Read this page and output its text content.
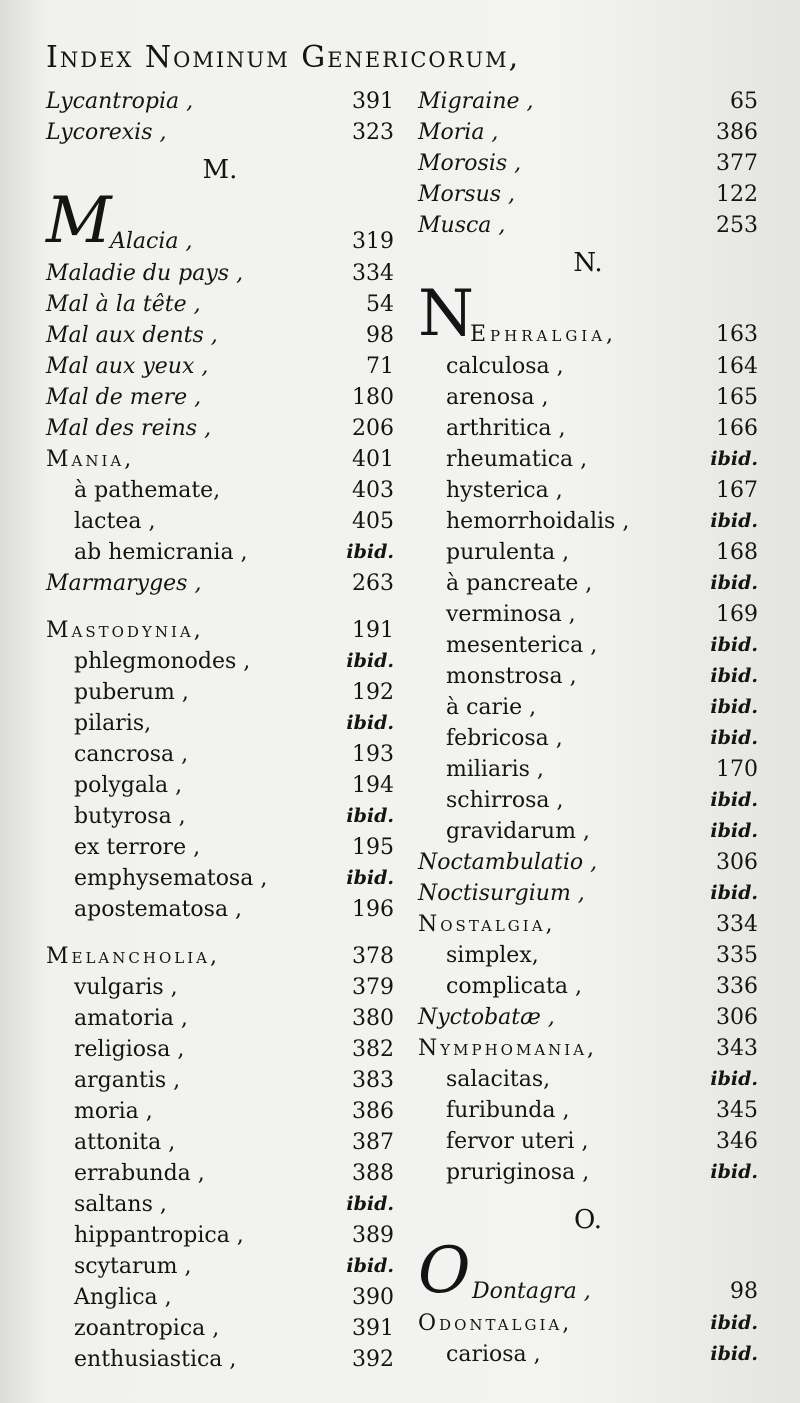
Index Nominum Genericorum,
Lycantropia ,	391
Lycorexis ,	323
M.
M
Alacia ,	319
Maladie du pays ,	334
Mal à la tête ,	54
Mal aux dents ,	98
Mal aux yeux ,	71
Mal de mere ,	180
Mal des reins ,	206
Mania,	401
à pathemate,	403
lactea ,	405
ab hemicrania ,	ibid.
Marmaryges ,	263
Mastodynia,	191
phlegmonodes ,	ibid.
puberum ,	192
pilaris,	ibid.
cancrosa ,	193
polygala ,	194
butyrosa ,	ibid.
ex terrore ,	195
emphysematosa ,	ibid.
apostematosa ,	196
Melancholia,	378
vulgaris ,	379
amatoria ,	380
religiosa ,	382
argantis ,	383
moria ,	386
attonita ,	387
errabunda ,	388
saltans ,	ibid.
hippantropica ,	389
scytarum ,	ibid.
Anglica ,	390
zoantropica ,	391
enthusiastica ,	392
Migraine ,	65
Moria ,	386
Morosis ,	377
Morsus ,	122
Musca ,	253
N.
N
Ephralgia,	163
calculosa ,	164
arenosa ,	165
arthritica ,	166
rheumatica ,	ibid.
hysterica ,	167
hemorrhoidalis ,	ibid.
purulenta ,	168
à pancreate ,	ibid.
verminosa ,	169
mesenterica ,	ibid.
monstrosa ,	ibid.
à carie ,	ibid.
febricosa ,	ibid.
miliaris ,	170
schirrosa ,	ibid.
gravidarum ,	ibid.
Noctambulatio ,	306
Noctisurgium ,	ibid.
Nostalgia,	334
simplex,	335
complicata ,	336
Nyctobatæ ,	306
Nymphomania,	343
salacitas,	ibid.
furibunda ,	345
fervor uteri ,	346
pruriginosa ,	ibid.
O.
O Dontagra ,	98
Odontalgia,	ibid.
cariosa ,	ibid.
